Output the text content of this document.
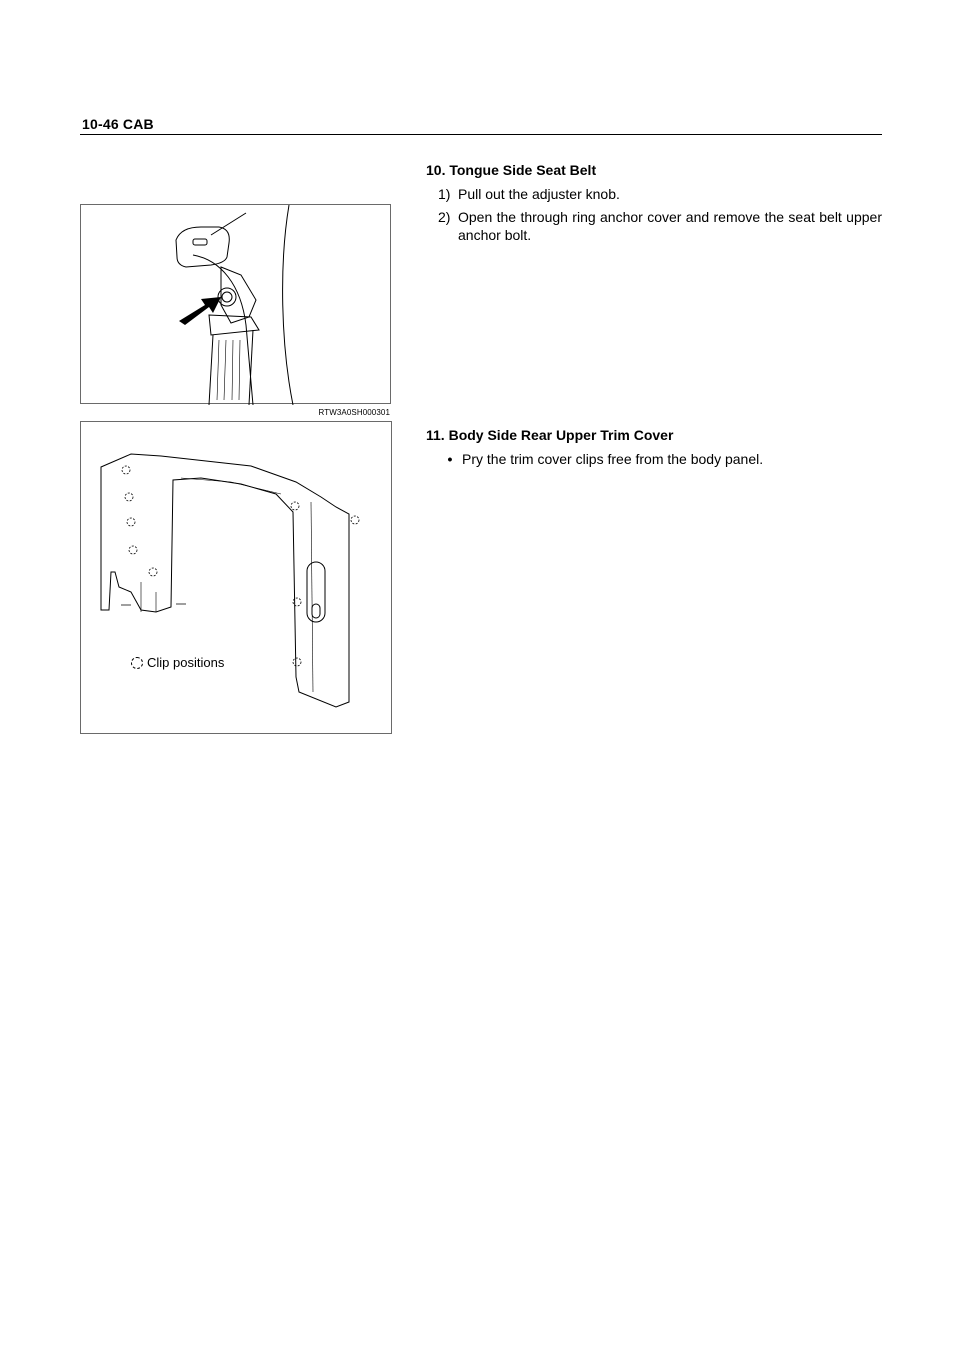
10-46 CAB
RTW3A0SH000301
Clip positions
10. Tongue Side Seat Belt
1) Pull out the adjuster knob.
2) Open the through ring anchor cover and remove the seat belt upper anchor bolt.
11. Body Side Rear Upper Trim Cover
• Pry the trim cover clips free from the body panel.
